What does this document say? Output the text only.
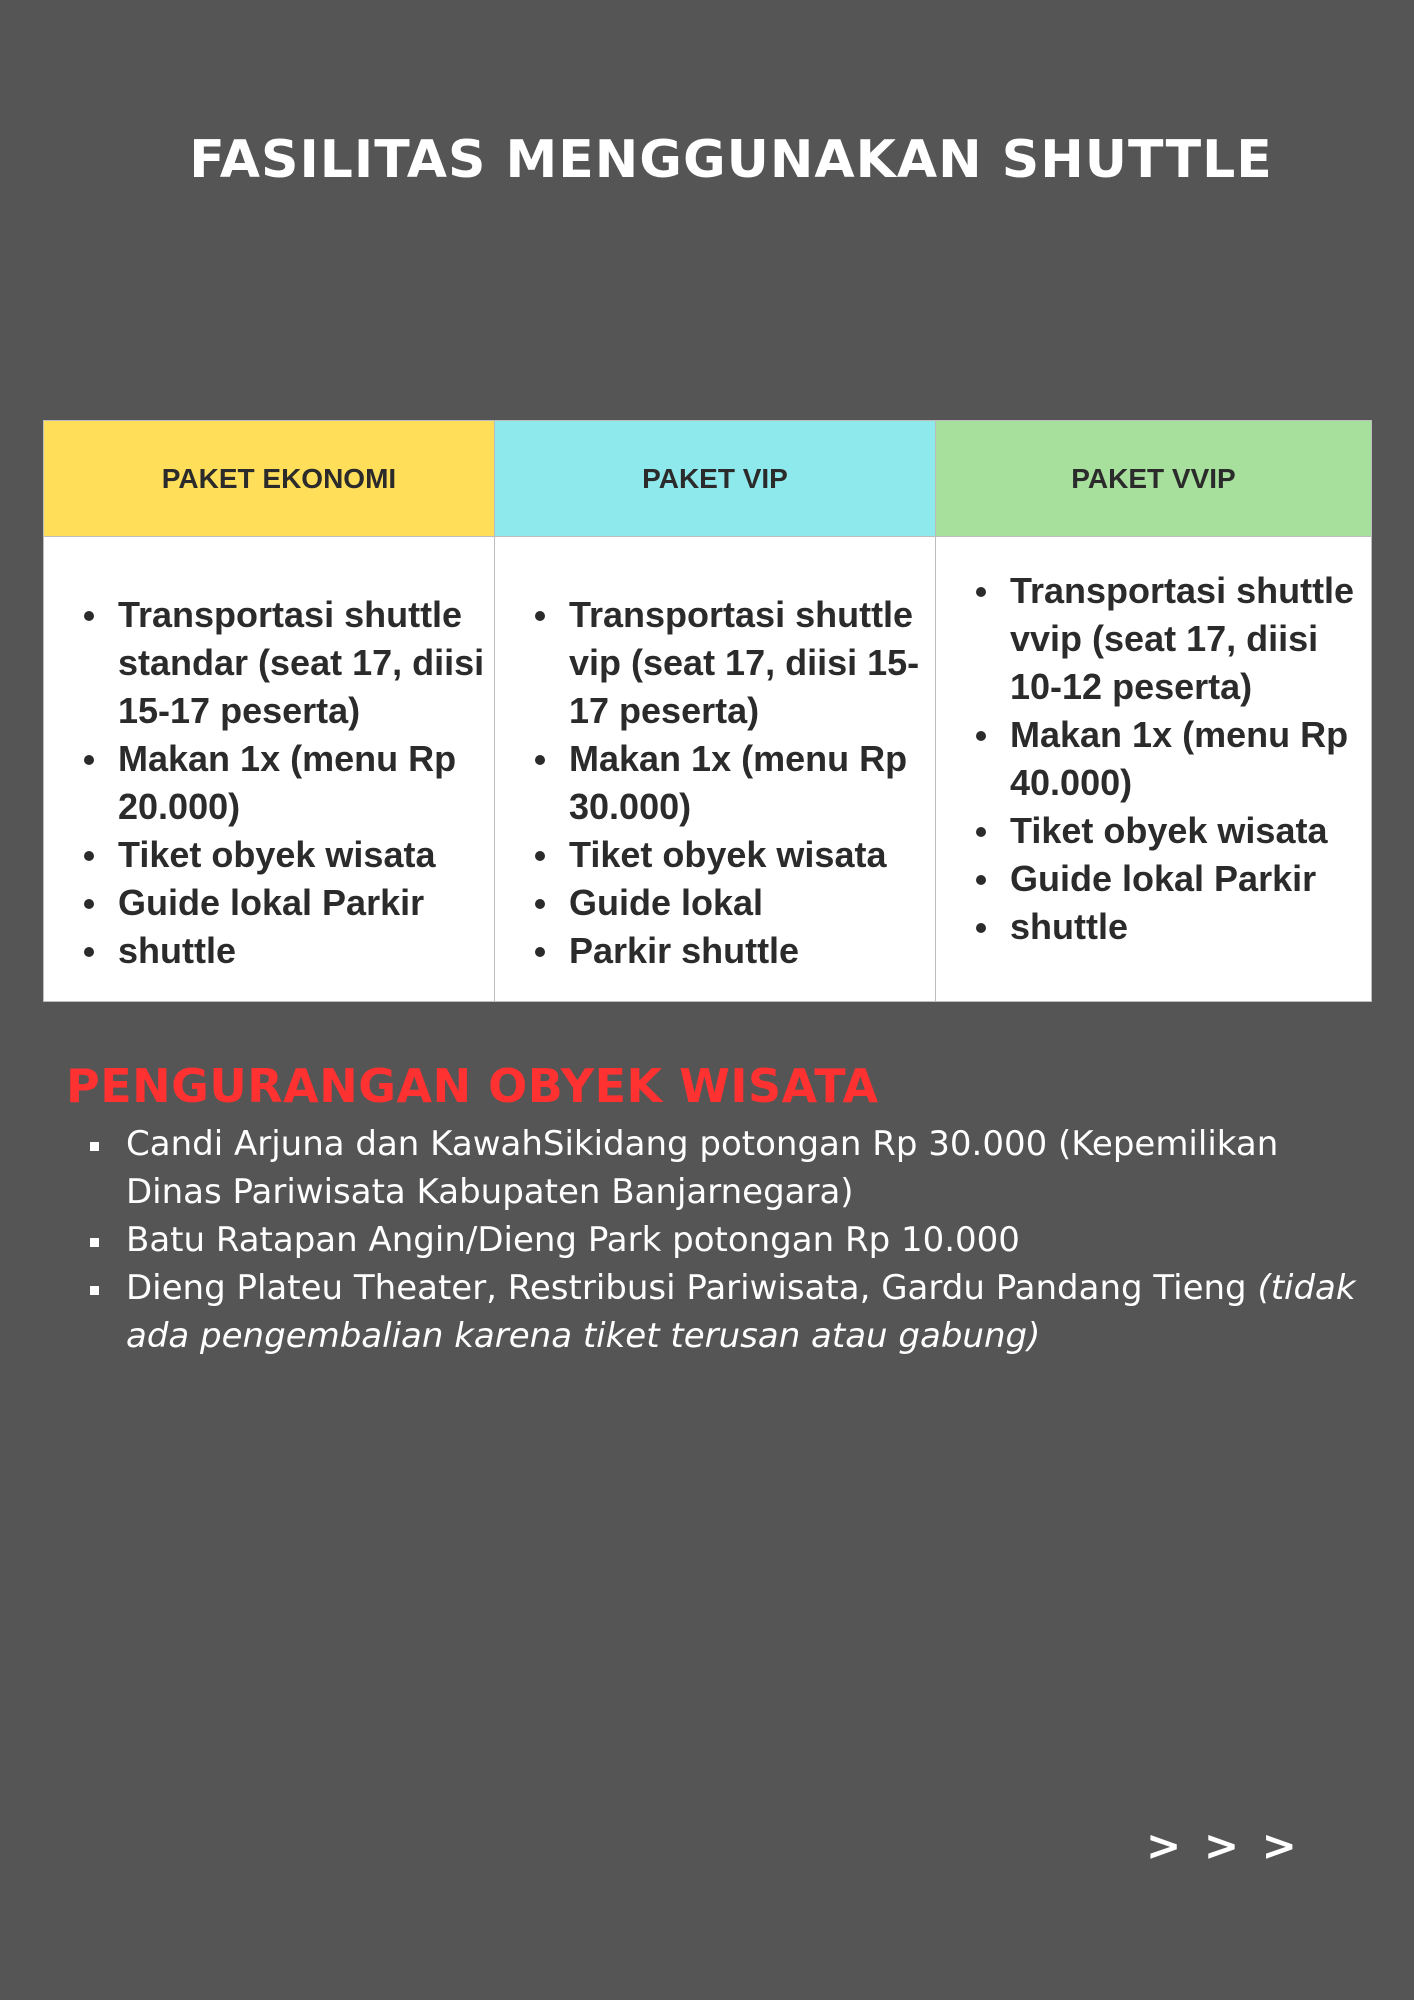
FASILITAS MENGGUNAKAN SHUTTLE
PAKET EKONOMI	PAKET VIP	PAKET VVIP
Transportasi shuttle standar (seat 17, diisi 15-17 peserta)
Makan 1x (menu Rp 20.000)
Tiket obyek wisata
Guide lokal Parkir
shuttle
Transportasi shuttle vip (seat 17, diisi 15-17 peserta)
Makan 1x (menu Rp 30.000)
Tiket obyek wisata
Guide lokal
Parkir shuttle
Transportasi shuttle vvip (seat 17, diisi 10-12 peserta)
Makan 1x (menu Rp 40.000)
Tiket obyek wisata
Guide lokal Parkir
shuttle
PENGURANGAN OBYEK WISATA
Candi Arjuna dan KawahSikidang potongan Rp 30.000 (Kepemilikan Dinas Pariwisata Kabupaten Banjarnegara)
Batu Ratapan Angin/Dieng Park potongan Rp 10.000
Dieng Plateu Theater, Restribusi Pariwisata, Gardu Pandang Tieng (tidak ada pengembalian karena tiket terusan atau gabung)
> > >
